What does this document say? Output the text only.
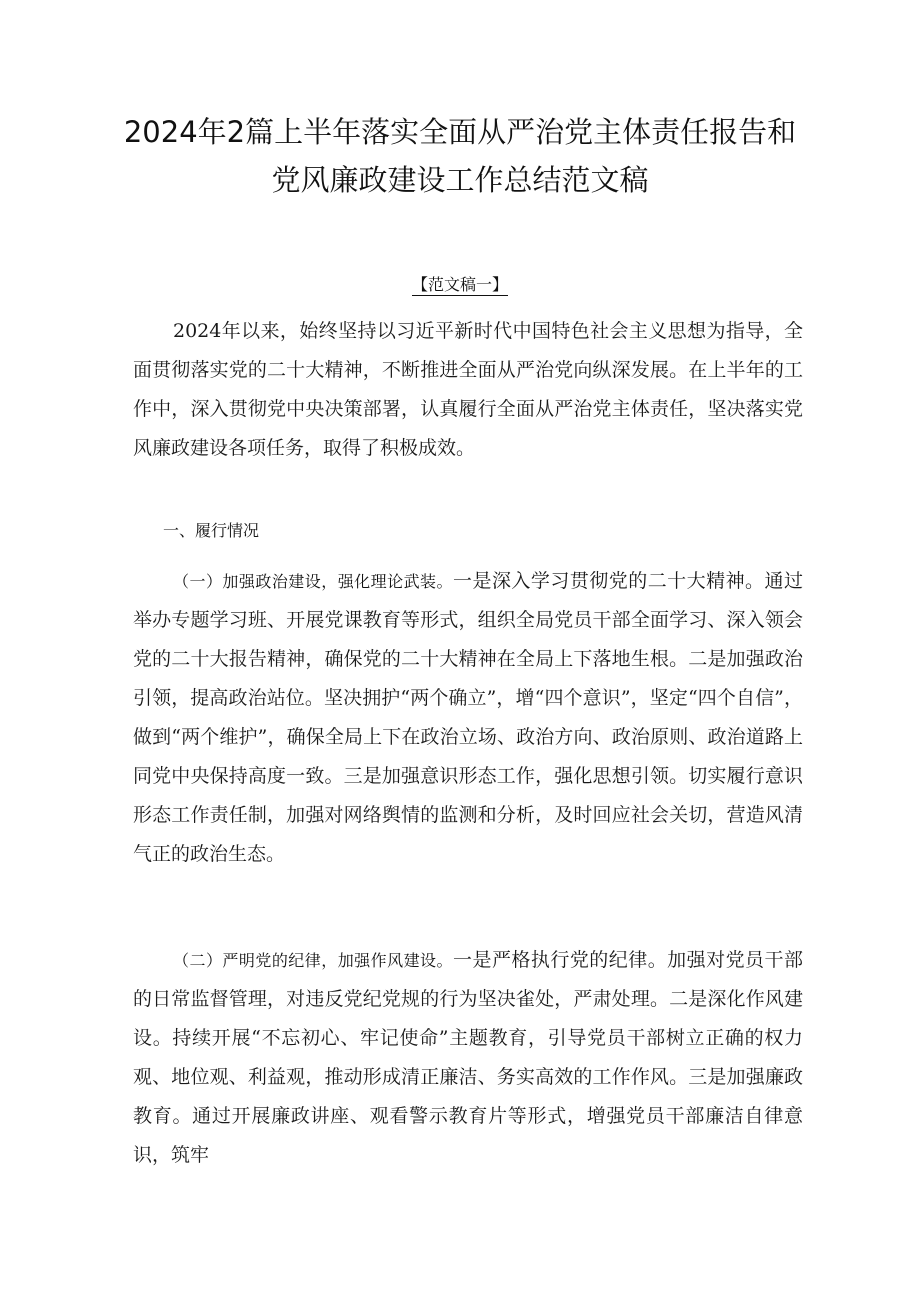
2024年2篇上半年落实全面从严治党主体责任报告和
党风廉政建设工作总结范文稿
【范文稿一】

2024年以来，始终坚持以习近平新时代中国特色社会主义思想为指导，全面贯彻落实党的二十大精神，不断推进全面从严治党向纵深发展。在上半年的工作中，深入贯彻党中央决策部署，认真履行全面从严治党主体责任，坚决落实党风廉政建设各项任务，取得了积极成效。

一、履行情况

（一）加强政治建设，强化理论武装。一是深入学习贯彻党的二十大精神。通过举办专题学习班、开展党课教育等形式，组织全局党员干部全面学习、深入领会党的二十大报告精神，确保党的二十大精神在全局上下落地生根。二是加强政治引领，提高政治站位。坚决拥护“两个确立”，增“四个意识”，坚定“四个自信”，做到“两个维护”，确保全局上下在政治立场、政治方向、政治原则、政治道路上同党中央保持高度一致。三是加强意识形态工作，强化思想引领。切实履行意识形态工作责任制，加强对网络舆情的监测和分析，及时回应社会关切，营造风清气正的政治生态。

（二）严明党的纪律，加强作风建设。一是严格执行党的纪律。加强对党员干部的日常监督管理，对违反党纪党规的行为坚决雀处，严肃处理。二是深化作风建设。持续开展“不忘初心、牢记使命”主题教育，引导党员干部树立正确的权力观、地位观、利益观，推动形成清正廉洁、务实高效的工作作风。三是加强廉政教育。通过开展廉政讲座、观看警示教育片等形式，增强党员干部廉洁自律意识，筑牢
